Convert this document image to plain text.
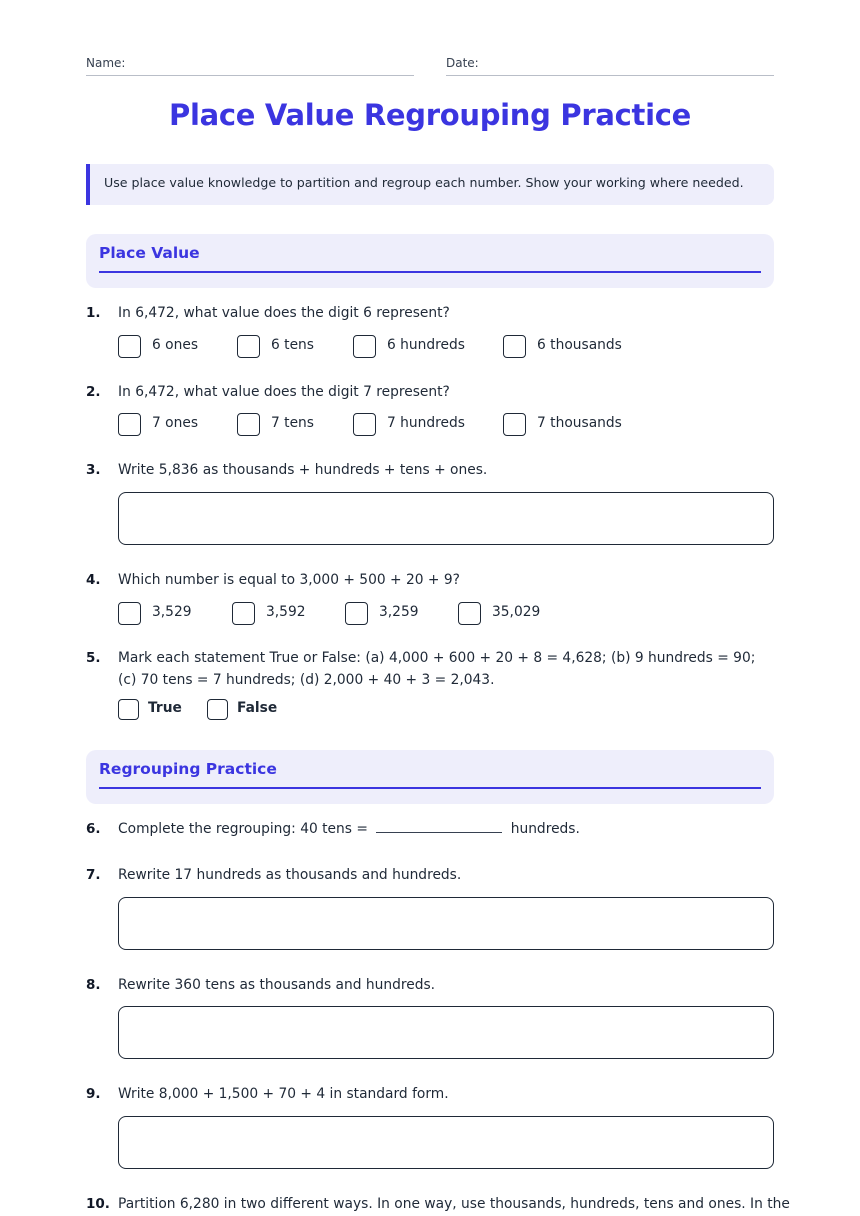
Name:	Date:
Place Value Regrouping Practice
Use place value knowledge to partition and regroup each number. Show your working where needed.
Place Value
1. In 6,472, what value does the digit 6 represent?
6 ones	6 tens	6 hundreds	6 thousands
2. In 6,472, what value does the digit 7 represent?
7 ones	7 tens	7 hundreds	7 thousands
3. Write 5,836 as thousands + hundreds + tens + ones.
4. Which number is equal to 3,000 + 500 + 20 + 9?
3,529	3,592	3,259	35,029
5. Mark each statement True or False: (a) 4,000 + 600 + 20 + 8 = 4,628; (b) 9 hundreds = 90; (c) 70 tens = 7 hundreds; (d) 2,000 + 40 + 3 = 2,043.
True	False
Regrouping Practice
6. Complete the regrouping: 40 tens =	hundreds.
7. Rewrite 17 hundreds as thousands and hundreds.
8. Rewrite 360 tens as thousands and hundreds.
9. Write 8,000 + 1,500 + 70 + 4 in standard form.
10. Partition 6,280 in two different ways. In one way, use thousands, hundreds, tens and ones. In the
